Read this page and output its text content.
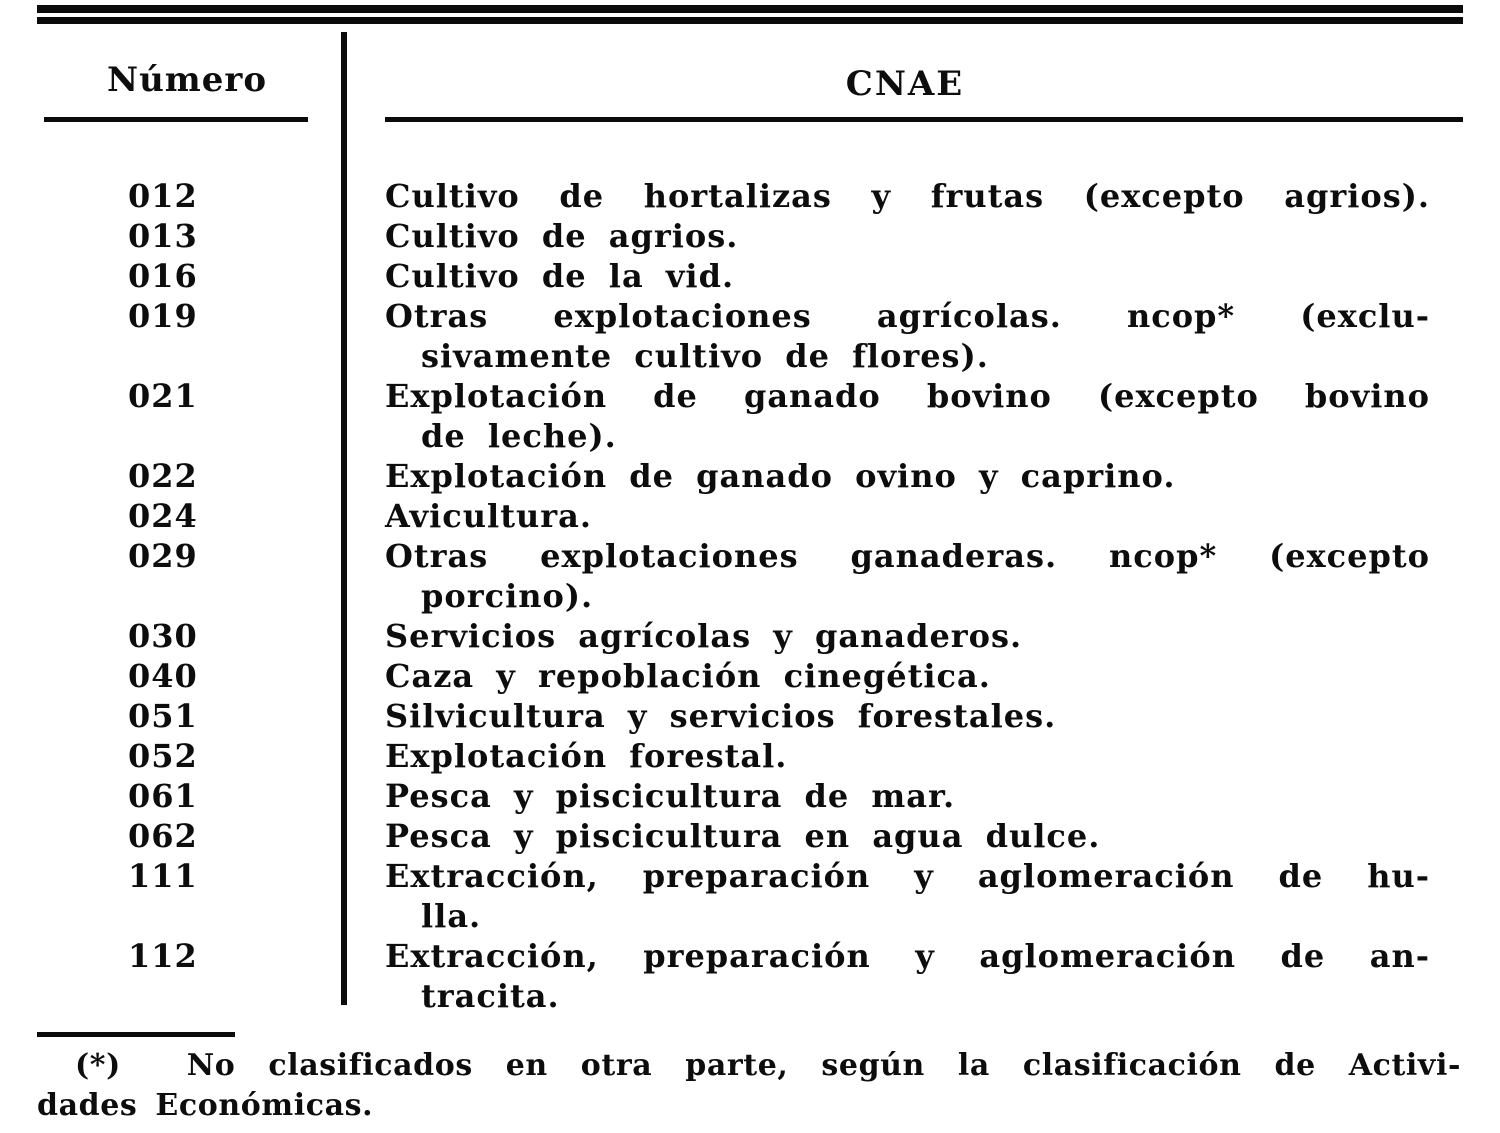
Número	CNAE
012	Cultivo de hortalizas y frutas (excepto agrios).
013	Cultivo de agrios.
016	Cultivo de la vid.
019	Otras explotaciones agrícolas. ncop* (exclu-
sivamente cultivo de flores).
021	Explotación de ganado bovino (excepto bovino
de leche).
022	Explotación de ganado ovino y caprino.
024	Avicultura.
029	Otras explotaciones ganaderas. ncop* (excepto
porcino).
030	Servicios agrícolas y ganaderos.
040	Caza y repoblación cinegética.
051	Silvicultura y servicios forestales.
052	Explotación forestal.
061	Pesca y piscicultura de mar.
062	Pesca y piscicultura en agua dulce.
111	Extracción, preparación y aglomeración de hu-
lla.
112	Extracción, preparación y aglomeración de an-
tracita.
(*)  No clasificados en otra parte, según la clasificación de Activi-
dades Económicas.
